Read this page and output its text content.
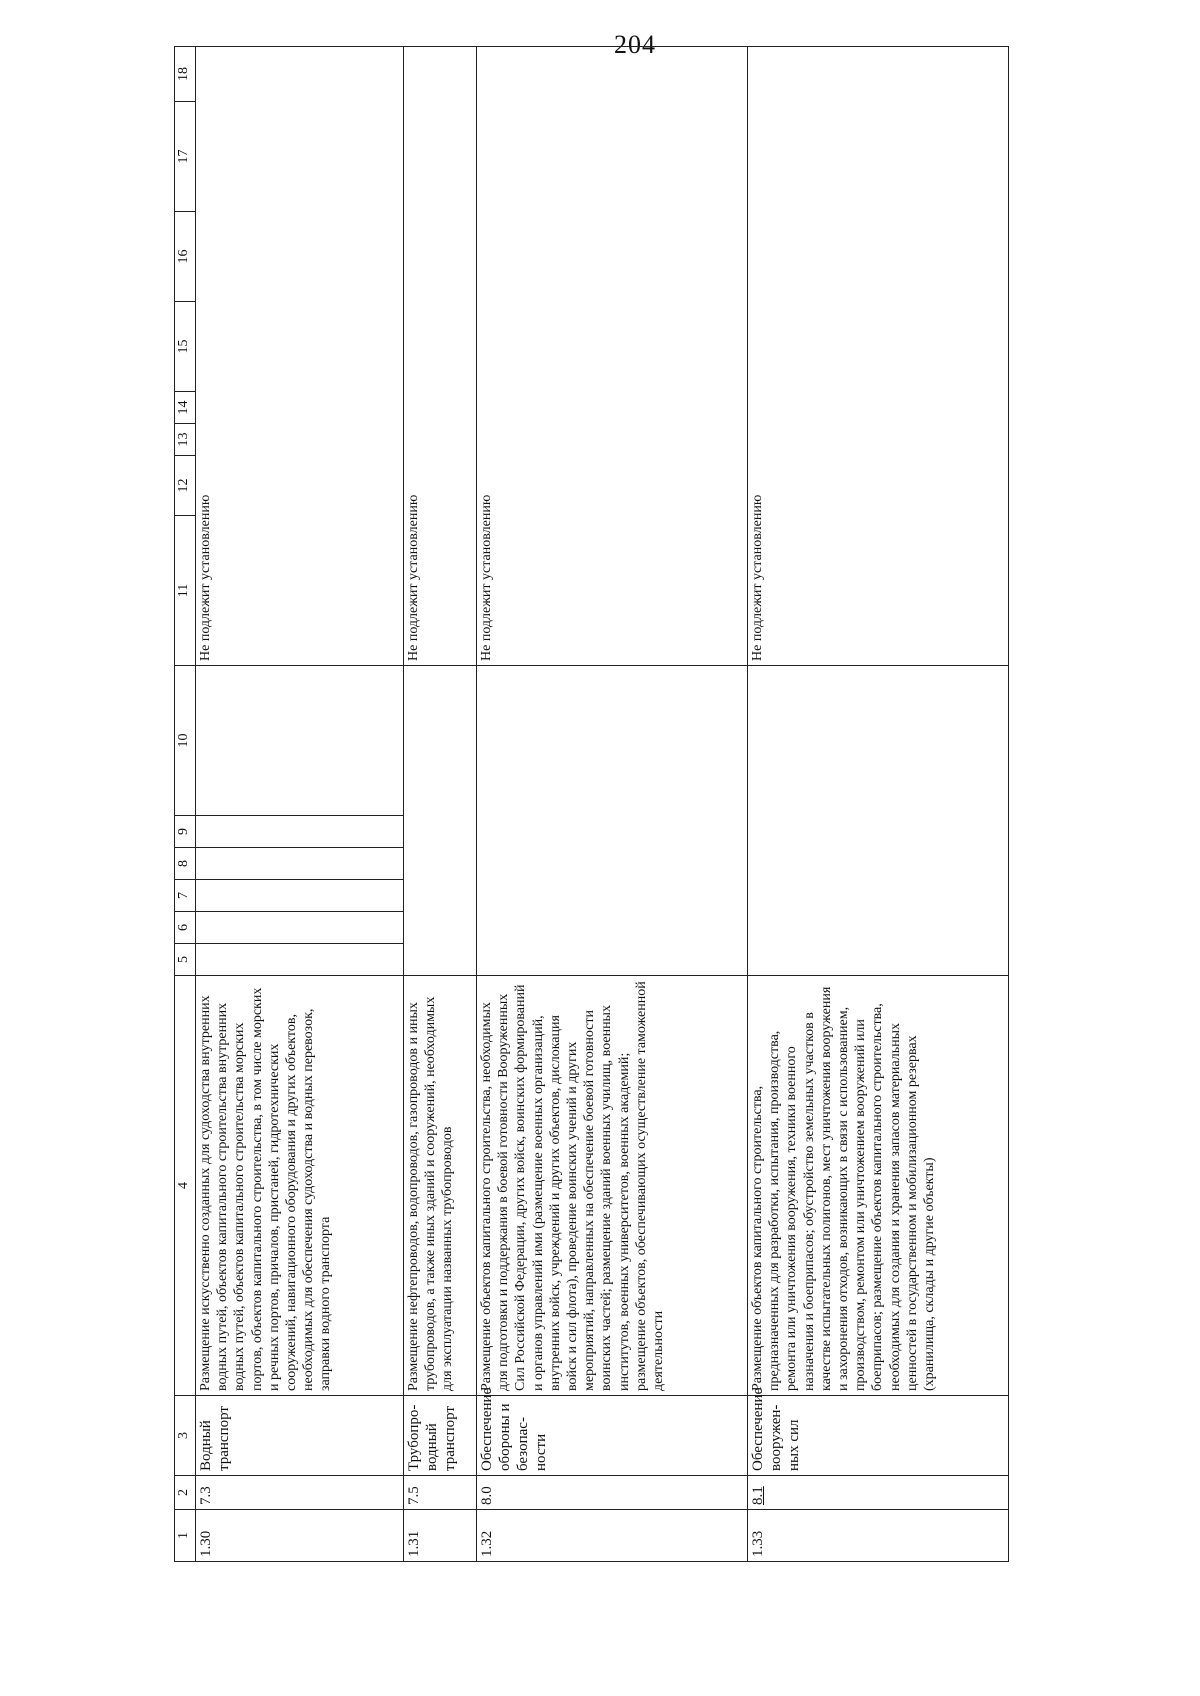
204
1	2	3	4	5	6	7	8	9	10	11	12	13	14	15	16	17	18
1.30	7.3	Водный транспорт	Размещение искусственно созданных для судоходства внутренних водных путей, объектов капитального строительства внутренних водных путей, объектов капитального строительства морских портов, объектов капитального строительства, в том числе морских и речных портов, причалов, пристаней, гидротехнических сооружений, навигационного оборудования и других объектов, необходимых для обеспечения судоходства и водных перевозок, заправки водного транспорта							Не подлежит установлению							
1.31	7.5	Трубопро-водный транспорт	Размещение нефтепроводов, водопроводов, газопроводов и иных трубопроводов, а также иных зданий и сооружений, необходимых для эксплуатации названных трубопроводов							Не подлежит установлению							
1.32	8.0	Обеспечение обороны и безопас-ности	Размещение объектов капитального строительства, необходимых для подготовки и поддержания в боевой готовности Вооруженных Сил Российской Федерации, других войск, воинских формирований и органов управлений ими (размещение военных организаций, внутренних войск, учреждений и других объектов, дислокация войск и сил флота), проведение воинских учений и других мероприятий, направленных на обеспечение боевой готовности воинских частей; размещение зданий военных училищ, военных институтов, военных университетов, военных академий; размещение объектов, обеспечивающих осуществление таможенной деятельности							Не подлежит установлению							
1.33	8.1	Обеспечение вооружен-ных сил	Размещение объектов капитального строительства, предназначенных для разработки, испытания, производства, ремонта или уничтожения вооружения, техники военного назначения и боеприпасов; обустройство земельных участков в качестве испытательных полигонов, мест уничтожения вооружения и захоронения отходов, возникающих в связи с использованием, производством, ремонтом или уничтожением вооружений или боеприпасов; размещение объектов капитального строительства, необходимых для создания и хранения запасов материальных ценностей в государственном и мобилизационном резервах (хранилища, склады и другие объекты)							Не подлежит установлению							
